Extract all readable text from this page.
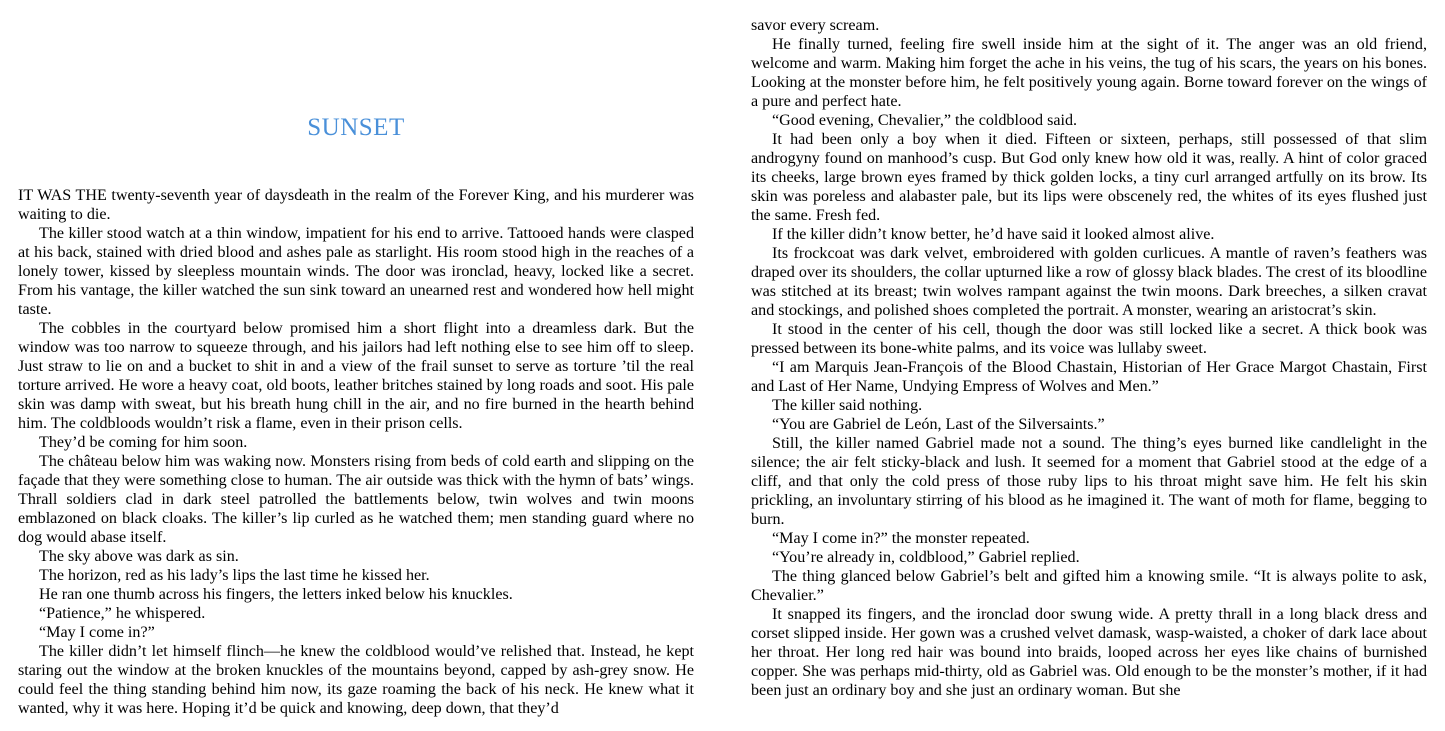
SUNSET

IT WAS THE twenty-seventh year of daysdeath in the realm of the Forever King, and his murderer was waiting to die.

The killer stood watch at a thin window, impatient for his end to arrive. Tattooed hands were clasped at his back, stained with dried blood and ashes pale as starlight. His room stood high in the reaches of a lonely tower, kissed by sleepless mountain winds. The door was ironclad, heavy, locked like a secret. From his vantage, the killer watched the sun sink toward an unearned rest and wondered how hell might taste.

The cobbles in the courtyard below promised him a short flight into a dreamless dark. But the window was too narrow to squeeze through, and his jailors had left nothing else to see him off to sleep. Just straw to lie on and a bucket to shit in and a view of the frail sunset to serve as torture ’til the real torture arrived. He wore a heavy coat, old boots, leather britches stained by long roads and soot. His pale skin was damp with sweat, but his breath hung chill in the air, and no fire burned in the hearth behind him. The coldbloods wouldn’t risk a flame, even in their prison cells.

They’d be coming for him soon.

The château below him was waking now. Monsters rising from beds of cold earth and slipping on the façade that they were something close to human. The air outside was thick with the hymn of bats’ wings. Thrall soldiers clad in dark steel patrolled the battlements below, twin wolves and twin moons emblazoned on black cloaks. The killer’s lip curled as he watched them; men standing guard where no dog would abase itself.

The sky above was dark as sin.

The horizon, red as his lady’s lips the last time he kissed her.

He ran one thumb across his fingers, the letters inked below his knuckles.

“Patience,” he whispered.

“May I come in?”

The killer didn’t let himself flinch—he knew the coldblood would’ve relished that. Instead, he kept staring out the window at the broken knuckles of the mountains beyond, capped by ash-grey snow. He could feel the thing standing behind him now, its gaze roaming the back of his neck. He knew what it wanted, why it was here. Hoping it’d be quick and knowing, deep down, that they’d

savor every scream.

He finally turned, feeling fire swell inside him at the sight of it. The anger was an old friend, welcome and warm. Making him forget the ache in his veins, the tug of his scars, the years on his bones. Looking at the monster before him, he felt positively young again. Borne toward forever on the wings of a pure and perfect hate.

“Good evening, Chevalier,” the coldblood said.

It had been only a boy when it died. Fifteen or sixteen, perhaps, still possessed of that slim androgyny found on manhood’s cusp. But God only knew how old it was, really. A hint of color graced its cheeks, large brown eyes framed by thick golden locks, a tiny curl arranged artfully on its brow. Its skin was poreless and alabaster pale, but its lips were obscenely red, the whites of its eyes flushed just the same. Fresh fed.

If the killer didn’t know better, he’d have said it looked almost alive.

Its frockcoat was dark velvet, embroidered with golden curlicues. A mantle of raven’s feathers was draped over its shoulders, the collar upturned like a row of glossy black blades. The crest of its bloodline was stitched at its breast; twin wolves rampant against the twin moons. Dark breeches, a silken cravat and stockings, and polished shoes completed the portrait. A monster, wearing an aristocrat’s skin.

It stood in the center of his cell, though the door was still locked like a secret. A thick book was pressed between its bone-white palms, and its voice was lullaby sweet.

“I am Marquis Jean-François of the Blood Chastain, Historian of Her Grace Margot Chastain, First and Last of Her Name, Undying Empress of Wolves and Men.”

The killer said nothing.

“You are Gabriel de León, Last of the Silversaints.”

Still, the killer named Gabriel made not a sound. The thing’s eyes burned like candlelight in the silence; the air felt sticky-black and lush. It seemed for a moment that Gabriel stood at the edge of a cliff, and that only the cold press of those ruby lips to his throat might save him. He felt his skin prickling, an involuntary stirring of his blood as he imagined it. The want of moth for flame, begging to burn.

“May I come in?” the monster repeated.

“You’re already in, coldblood,” Gabriel replied.

The thing glanced below Gabriel’s belt and gifted him a knowing smile. “It is always polite to ask, Chevalier.”

It snapped its fingers, and the ironclad door swung wide. A pretty thrall in a long black dress and corset slipped inside. Her gown was a crushed velvet damask, wasp-waisted, a choker of dark lace about her throat. Her long red hair was bound into braids, looped across her eyes like chains of burnished copper. She was perhaps mid-thirty, old as Gabriel was. Old enough to be the monster’s mother, if it had been just an ordinary boy and she just an ordinary woman. But she
